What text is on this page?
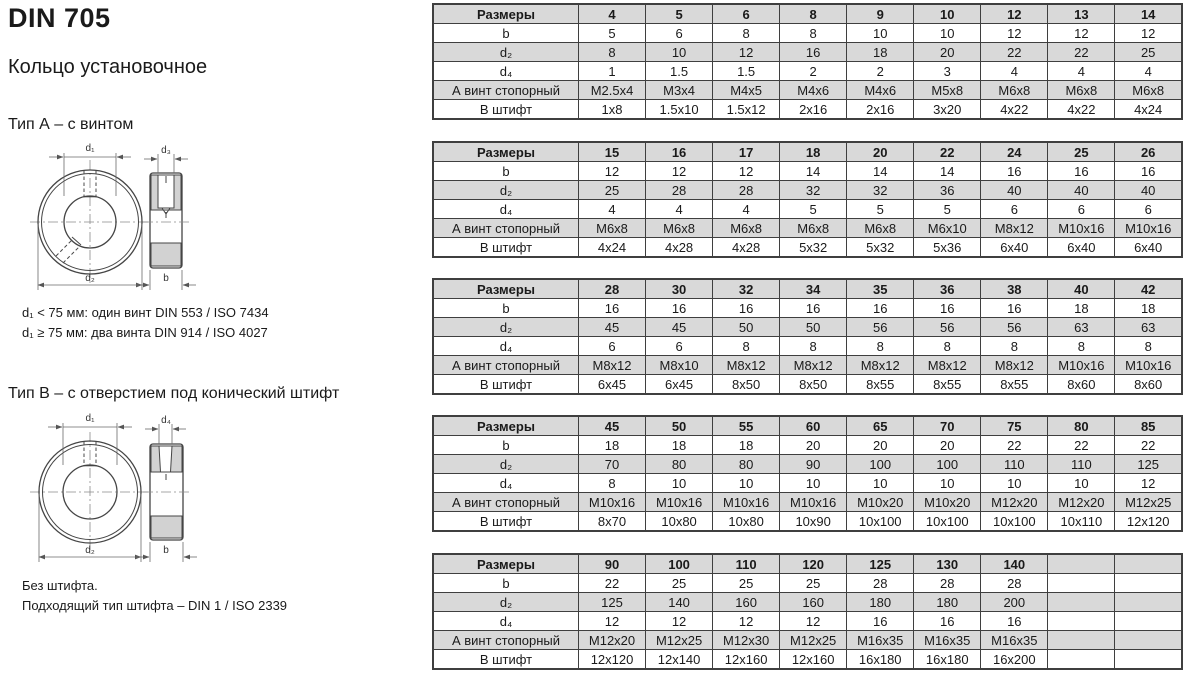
DIN 705
Кольцо установочное
Тип А – с винтом
d₁
d₂
d₃
b
d₁ < 75 мм: один винт DIN 553 / ISO 7434
d₁ ≥ 75 мм: два винта DIN 914 / ISO 4027
Тип B – с отверстием под конический штифт
d₁
d₂
d₄
b
Без штифта.
Подходящий тип штифта – DIN 1 / ISO 2339
Размеры	4	5	6	8	9	10	12	13	14
b	5	6	8	8	10	10	12	12	12
d₂	8	10	12	16	18	20	22	22	25
d₄	1	1.5	1.5	2	2	3	4	4	4
А винт стопорный	M2.5x4	M3x4	M4x5	M4x6	M4x6	M5x8	M6x8	M6x8	M6x8
В штифт	1x8	1.5x10	1.5x12	2x16	2x16	3x20	4x22	4x22	4x24
Размеры	15	16	17	18	20	22	24	25	26
b	12	12	12	14	14	14	16	16	16
d₂	25	28	28	32	32	36	40	40	40
d₄	4	4	4	5	5	5	6	6	6
А винт стопорный	M6x8	M6x8	M6x8	M6x8	M6x8	M6x10	M8x12	M10x16	M10x16
В штифт	4x24	4x28	4x28	5x32	5x32	5x36	6x40	6x40	6x40
Размеры	28	30	32	34	35	36	38	40	42
b	16	16	16	16	16	16	16	18	18
d₂	45	45	50	50	56	56	56	63	63
d₄	6	6	8	8	8	8	8	8	8
А винт стопорный	M8x12	M8x10	M8x12	M8x12	M8x12	M8x12	M8x12	M10x16	M10x16
В штифт	6x45	6x45	8x50	8x50	8x55	8x55	8x55	8x60	8x60
Размеры	45	50	55	60	65	70	75	80	85
b	18	18	18	20	20	20	22	22	22
d₂	70	80	80	90	100	100	110	110	125
d₄	8	10	10	10	10	10	10	10	12
А винт стопорный	M10x16	M10x16	M10x16	M10x16	M10x20	M10x20	M12x20	M12x20	M12x25
В штифт	8x70	10x80	10x80	10x90	10x100	10x100	10x100	10x110	12x120
Размеры	90	100	110	120	125	130	140		
b	22	25	25	25	28	28	28		
d₂	125	140	160	160	180	180	200		
d₄	12	12	12	12	16	16	16		
А винт стопорный	M12x20	M12x25	M12x30	M12x25	M16x35	M16x35	M16x35		
В штифт	12x120	12x140	12x160	12x160	16x180	16x180	16x200		
